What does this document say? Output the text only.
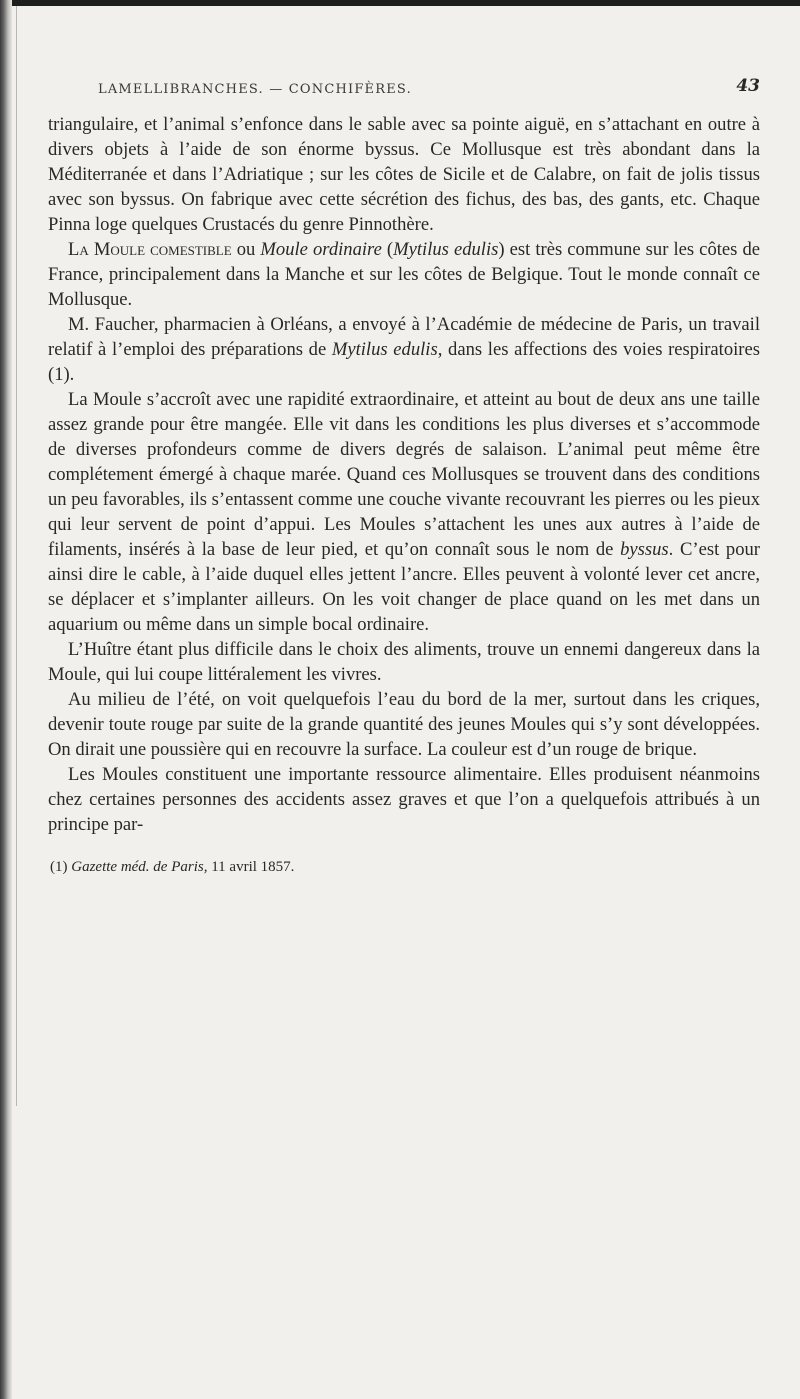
LAMELLIBRANCHES. — CONCHIFÈRES.	43

triangulaire, et l’animal s’enfonce dans le sable avec sa pointe aiguë, en s’attachant en outre à divers objets à l’aide de son énorme byssus. Ce Mollusque est très abondant dans la Méditerranée et dans l’Adriatique ; sur les côtes de Sicile et de Calabre, on fait de jolis tissus avec son byssus. On fabrique avec cette sécrétion des fichus, des bas, des gants, etc. Chaque Pinna loge quelques Crustacés du genre Pinnothère.

La Moule comestible ou Moule ordinaire (Mytilus edulis) est très commune sur les côtes de France, principalement dans la Manche et sur les côtes de Belgique. Tout le monde connaît ce Mollusque.

M. Faucher, pharmacien à Orléans, a envoyé à l’Académie de médecine de Paris, un travail relatif à l’emploi des préparations de Mytilus edulis, dans les affections des voies respiratoires (1).

La Moule s’accroît avec une rapidité extraordinaire, et atteint au bout de deux ans une taille assez grande pour être mangée. Elle vit dans les conditions les plus diverses et s’accommode de diverses profondeurs comme de divers degrés de salaison. L’animal peut même être complétement émergé à chaque marée. Quand ces Mollusques se trouvent dans des conditions un peu favorables, ils s’entassent comme une couche vivante recouvrant les pierres ou les pieux qui leur servent de point d’appui. Les Moules s’attachent les unes aux autres à l’aide de filaments, insérés à la base de leur pied, et qu’on connaît sous le nom de byssus. C’est pour ainsi dire le cable, à l’aide duquel elles jettent l’ancre. Elles peuvent à volonté lever cet ancre, se déplacer et s’implanter ailleurs. On les voit changer de place quand on les met dans un aquarium ou même dans un simple bocal ordinaire.

L’Huître étant plus difficile dans le choix des aliments, trouve un ennemi dangereux dans la Moule, qui lui coupe littéralement les vivres.

Au milieu de l’été, on voit quelquefois l’eau du bord de la mer, surtout dans les criques, devenir toute rouge par suite de la grande quantité des jeunes Moules qui s’y sont développées. On dirait une poussière qui en recouvre la surface. La couleur est d’un rouge de brique.

Les Moules constituent une importante ressource alimentaire. Elles produisent néanmoins chez certaines personnes des accidents assez graves et que l’on a quelquefois attribués à un principe par-

(1) Gazette méd. de Paris, 11 avril 1857.
